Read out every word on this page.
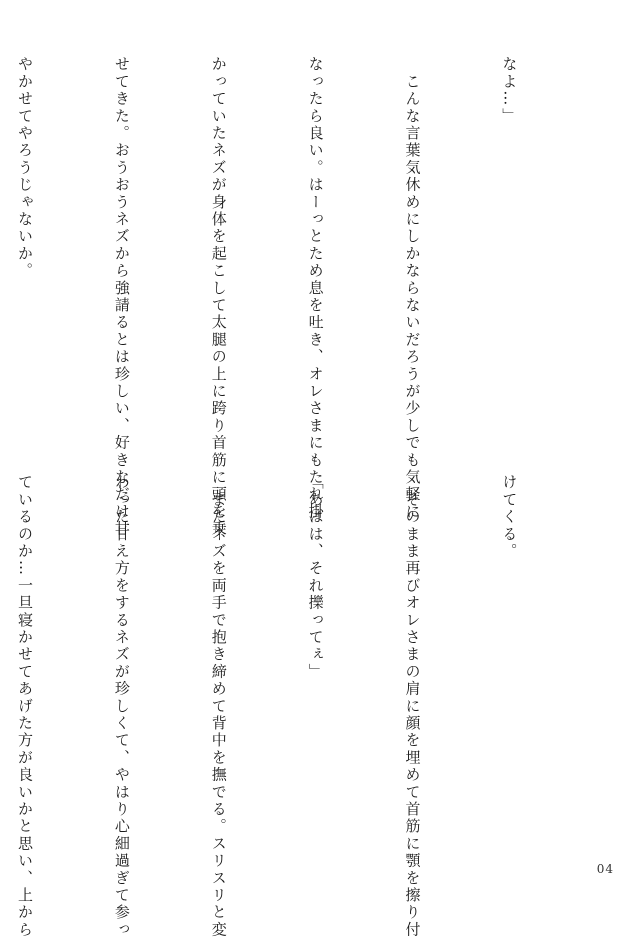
なよ…」

　こんな言葉気休めにしかならないだろうが少しでも気軽に

なったら良い。はーっとため息を吐き、オレさまにもたれ掛

かっていたネズが身体を起こして太腿の上に跨り首筋に頭を乗

せてきた。おうおうネズから強請るとは珍しい、好きなだけ甘

やかせてやろうじゃないか。

けてくる。

　そのまま再びオレさまの肩に顔を埋めて首筋に顎を擦り付

「あはは、それ擽ってぇ」

　またネズを両手で抱き締めて背中を撫でる。スリスリと変

わった甘え方をするネズが珍しくて、やはり心細過ぎて参っ

ているのか…一旦寝かせてあげた方が良いかと思い、上から

	04
